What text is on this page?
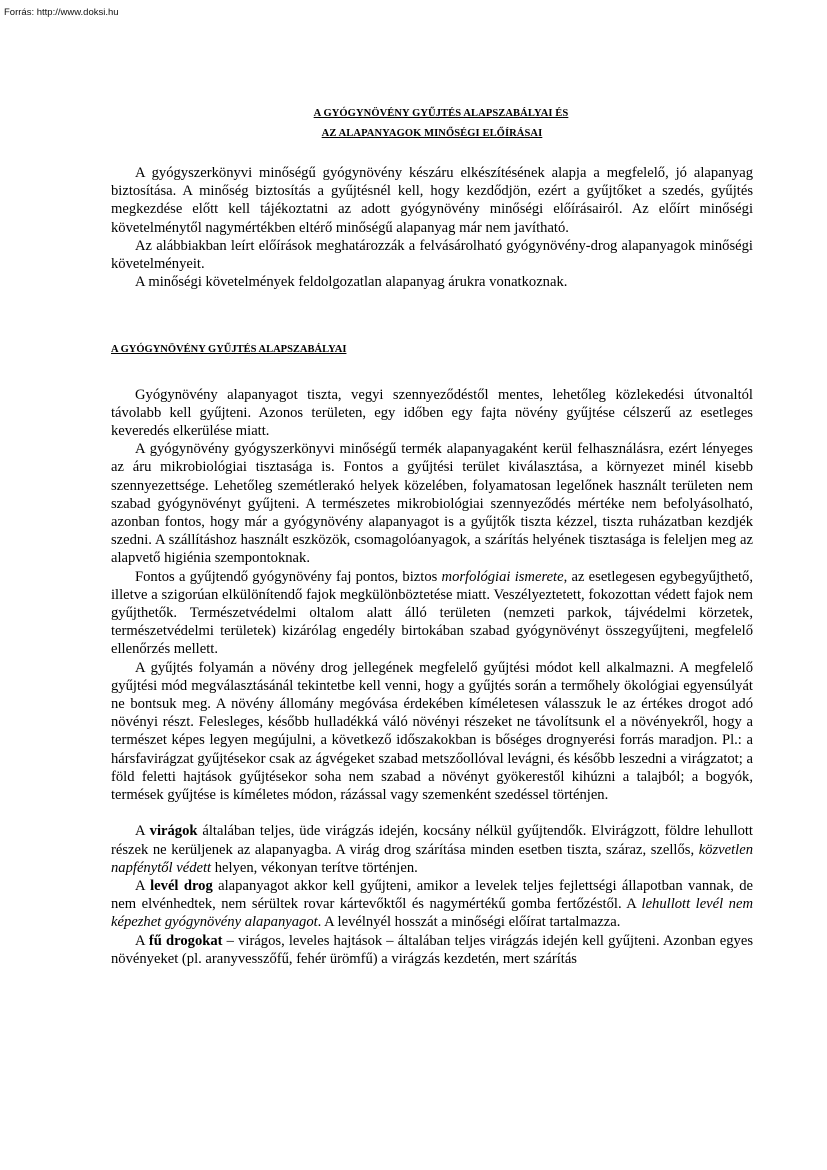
Forrás: http://www.doksi.hu
A GYÓGYNÖVÉNY GYŰJTÉS ALAPSZABÁLYAI ÉS
AZ ALAPANYAGOK MINŐSÉGI ELŐÍRÁSAI

A gyógyszerkönyvi minőségű gyógynövény készáru elkészítésének alapja a megfelelő, jó alapanyag biztosítása. A minőség biztosítás a gyűjtésnél kell, hogy kezdődjön, ezért a gyűjtőket a szedés, gyűjtés megkezdése előtt kell tájékoztatni az adott gyógynövény minőségi előírásairól. Az előírt minőségi követelménytől nagymértékben eltérő minőségű alapanyag már nem javítható.

Az alábbiakban leírt előírások meghatározzák a felvásárolható gyógynövény-drog alapanyagok minőségi követelményeit.

A minőségi követelmények feldolgozatlan alapanyag árukra vonatkoznak.

A GYÓGYNÖVÉNY GYŰJTÉS ALAPSZABÁLYAI

Gyógynövény alapanyagot tiszta, vegyi szennyeződéstől mentes, lehetőleg közlekedési útvonaltól távolabb kell gyűjteni. Azonos területen, egy időben egy fajta növény gyűjtése célszerű az esetleges keveredés elkerülése miatt.

A gyógynövény gyógyszerkönyvi minőségű termék alapanyagaként kerül felhasználásra, ezért lényeges az áru mikrobiológiai tisztasága is. Fontos a gyűjtési terület kiválasztása, a környezet minél kisebb szennyezettsége. Lehetőleg szemétlerakó helyek közelében, folyamatosan legelőnek használt területen nem szabad gyógynövényt gyűjteni. A természetes mikrobiológiai szennyeződés mértéke nem befolyásolható, azonban fontos, hogy már a gyógynövény alapanyagot is a gyűjtők tiszta kézzel, tiszta ruházatban kezdjék szedni. A szállításhoz használt eszközök, csomagolóanyagok, a szárítás helyének tisztasága is feleljen meg az alapvető higiénia szempontoknak.

Fontos a gyűjtendő gyógynövény faj pontos, biztos morfológiai ismerete, az esetlegesen egybegyűjthető, illetve a szigorúan elkülönítendő fajok megkülönböztetése miatt. Veszélyeztetett, fokozottan védett fajok nem gyűjthetők. Természetvédelmi oltalom alatt álló területen (nemzeti parkok, tájvédelmi körzetek, természetvédelmi területek) kizárólag engedély birtokában szabad gyógynövényt összegyűjteni, megfelelő ellenőrzés mellett.

A gyűjtés folyamán a növény drog jellegének megfelelő gyűjtési módot kell alkalmazni. A megfelelő gyűjtési mód megválasztásánál tekintetbe kell venni, hogy a gyűjtés során a termőhely ökológiai egyensúlyát ne bontsuk meg. A növény állomány megóvása érdekében kíméletesen válasszuk le az értékes drogot adó növényi részt. Felesleges, később hulladékká váló növényi részeket ne távolítsunk el a növényekről, hogy a természet képes legyen megújulni, a következő időszakokban is bőséges drognyerési forrás maradjon. Pl.: a hársfavirágzat gyűjtésekor csak az ágvégeket szabad metszőollóval levágni, és később leszedni a virágzatot; a föld feletti hajtások gyűjtésekor soha nem szabad a növényt gyökerestől kihúzni a talajból; a bogyók, termések gyűjtése is kíméletes módon, rázással vagy szemenként szedéssel történjen.

A virágok általában teljes, üde virágzás idején, kocsány nélkül gyűjtendők. Elvirágzott, földre lehullott részek ne kerüljenek az alapanyagba. A virág drog szárítása minden esetben tiszta, száraz, szellős, közvetlen napfénytől védett helyen, vékonyan terítve történjen.

A levél drog alapanyagot akkor kell gyűjteni, amikor a levelek teljes fejlettségi állapotban vannak, de nem elvénhedtek, nem sérültek rovar kártevőktől és nagymértékű gomba fertőzéstől. A lehullott levél nem képezhet gyógynövény alapanyagot. A levélnyél hosszát a minőségi előírat tartalmazza.

A fű drogokat – virágos, leveles hajtások – általában teljes virágzás idején kell gyűjteni. Azonban egyes növényeket (pl. aranyvesszőfű, fehér ürömfű) a virágzás kezdetén, mert szárítás
